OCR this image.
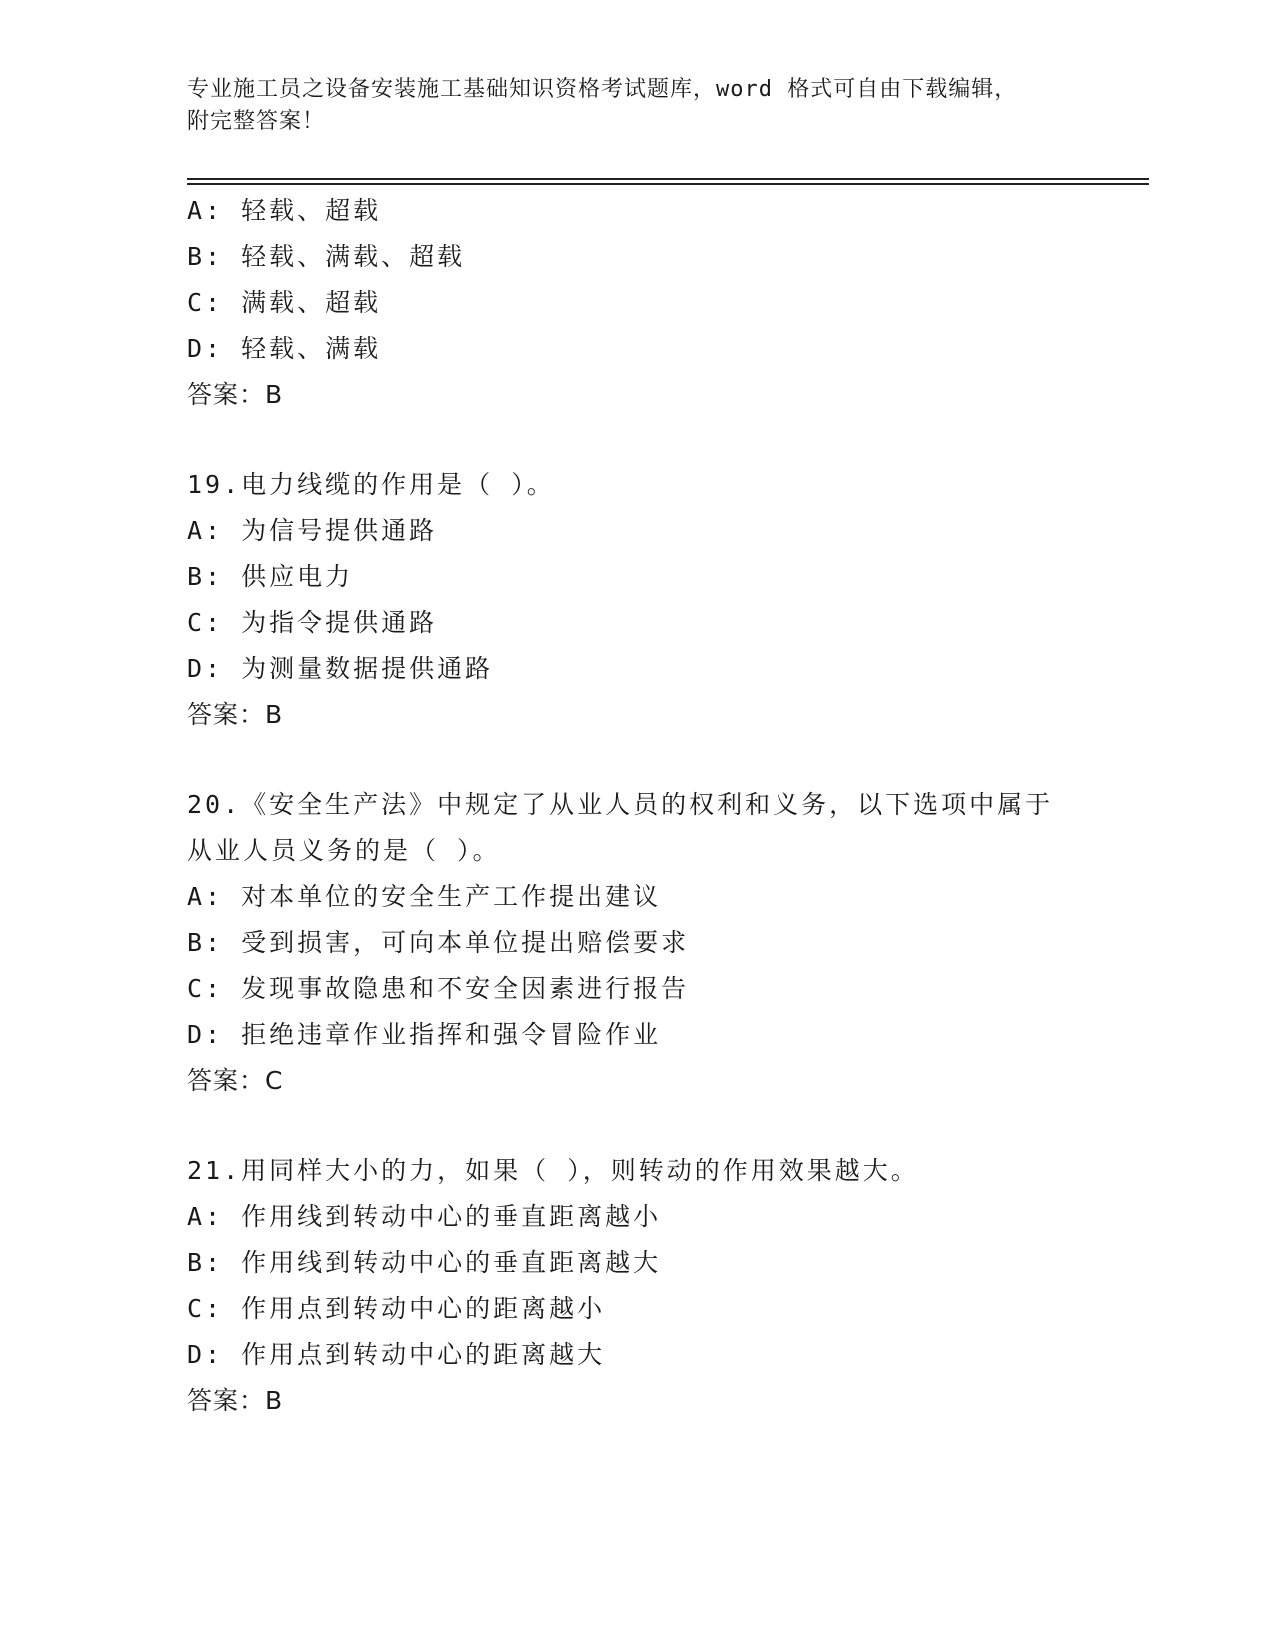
专业施工员之设备安装施工基础知识资格考试题库，word 格式可自由下载编辑，
附完整答案！
A: 轻载、超载
B: 轻载、满载、超载
C: 满载、超载
D: 轻载、满载
答案：B
19.电力线缆的作用是（ ）。
A: 为信号提供通路
B: 供应电力
C: 为指令提供通路
D: 为测量数据提供通路
答案：B
20.《安全生产法》中规定了从业人员的权利和义务，以下选项中属于
从业人员义务的是（ ）。
A: 对本单位的安全生产工作提出建议
B: 受到损害，可向本单位提出赔偿要求
C: 发现事故隐患和不安全因素进行报告
D: 拒绝违章作业指挥和强令冒险作业
答案：C
21.用同样大小的力，如果（ ），则转动的作用效果越大。
A: 作用线到转动中心的垂直距离越小
B: 作用线到转动中心的垂直距离越大
C: 作用点到转动中心的距离越小
D: 作用点到转动中心的距离越大
答案：B
